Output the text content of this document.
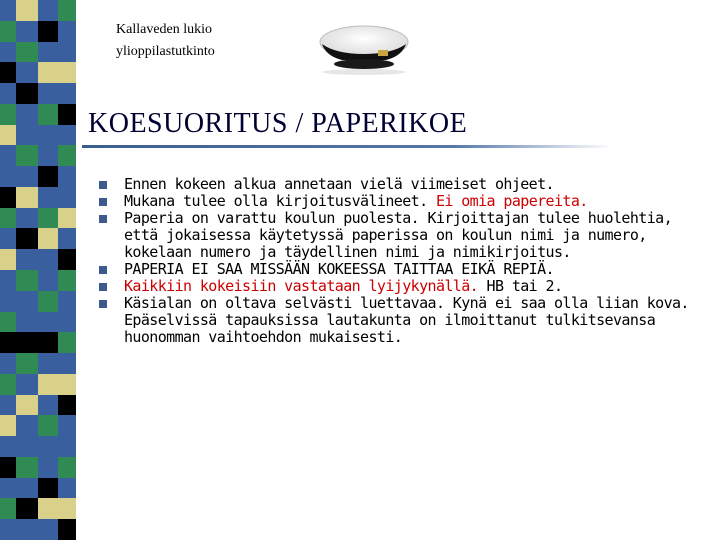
Kallaveden lukio
ylioppilastutkinto
KOESUORITUS / PAPERIKOE
Ennen kokeen alkua annetaan vielä viimeiset ohjeet.
Mukana tulee olla kirjoitusvälineet. Ei omia papereita.
Paperia on varattu koulun puolesta. Kirjoittajan tulee huolehtia, että jokaisessa käytetyssä paperissa on koulun nimi ja numero, kokelaan numero ja täydellinen nimi ja nimikirjoitus.
PAPERIA EI SAA MISSÄÄN KOKEESSA TAITTAA EIKÄ REPIÄ.
Kaikkiin kokeisiin vastataan lyijykynällä. HB tai 2.
Käsialan on oltava selvästi luettavaa. Kynä ei saa olla liian kova. Epäselvissä tapauksissa lautakunta on ilmoittanut tulkitsevansa huonomman vaihtoehdon mukaisesti.
